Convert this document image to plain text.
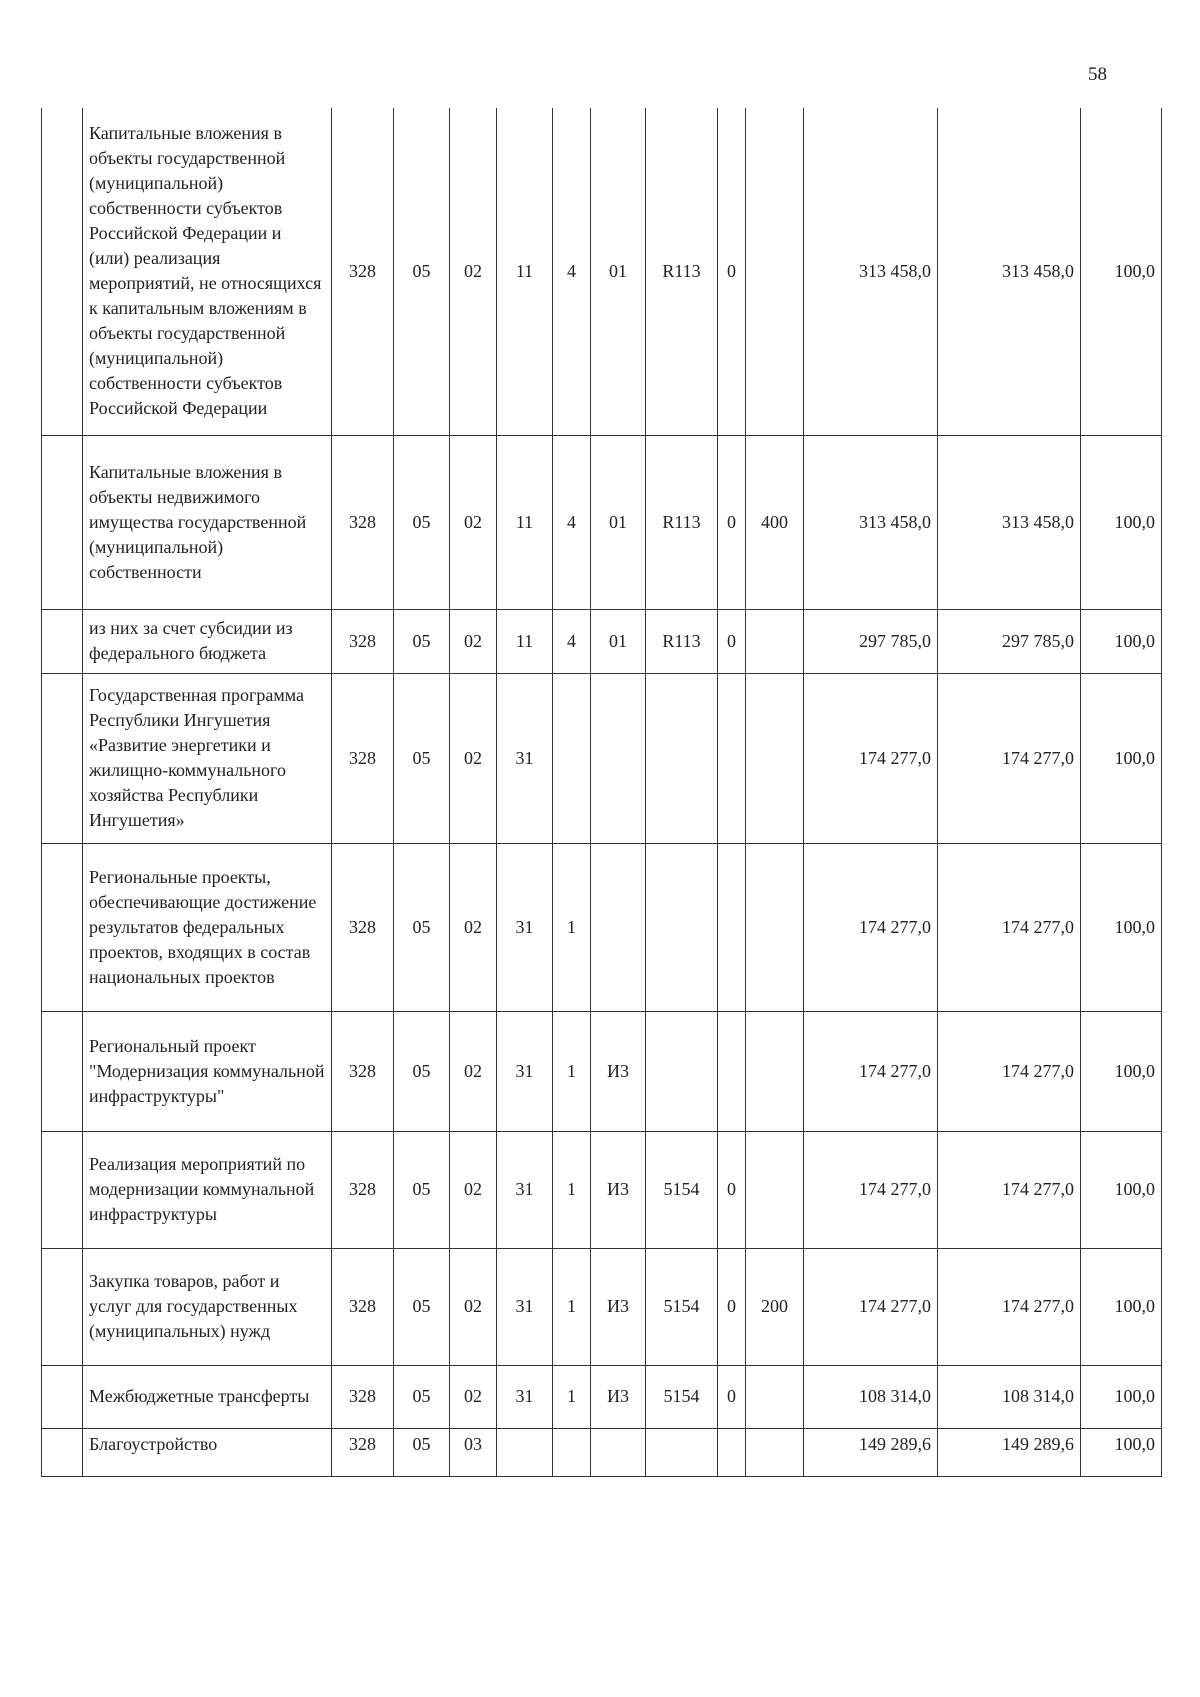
58
	Капитальные вложения в объекты государственной (муниципальной) собственности субъектов Российской Федерации и (или) реализация мероприятий, не относящихся к капитальным вложениям в объекты государственной (муниципальной) собственности субъектов Российской Федерации	328	05	02	11	4	01	R113	0		313 458,0	313 458,0	100,0
	Капитальные вложения в объекты недвижимого имущества государственной (муниципальной) собственности	328	05	02	11	4	01	R113	0	400	313 458,0	313 458,0	100,0
	из них за счет субсидии из федерального бюджета	328	05	02	11	4	01	R113	0		297 785,0	297 785,0	100,0
	Государственная программа Республики Ингушетия «Развитие энергетики и жилищно-коммунального хозяйства Республики Ингушетия»	328	05	02	31						174 277,0	174 277,0	100,0
	Региональные проекты, обеспечивающие достижение результатов федеральных проектов, входящих в состав национальных проектов	328	05	02	31	1					174 277,0	174 277,0	100,0
	Региональный проект "Модернизация коммунальной инфраструктуры"	328	05	02	31	1	И3				174 277,0	174 277,0	100,0
	Реализация мероприятий по модернизации коммунальной инфраструктуры	328	05	02	31	1	И3	5154	0		174 277,0	174 277,0	100,0
	Закупка товаров, работ и услуг для государственных (муниципальных) нужд	328	05	02	31	1	И3	5154	0	200	174 277,0	174 277,0	100,0
	Межбюджетные трансферты	328	05	02	31	1	И3	5154	0		108 314,0	108 314,0	100,0
	Благоустройство	328	05	03							149 289,6	149 289,6	100,0
